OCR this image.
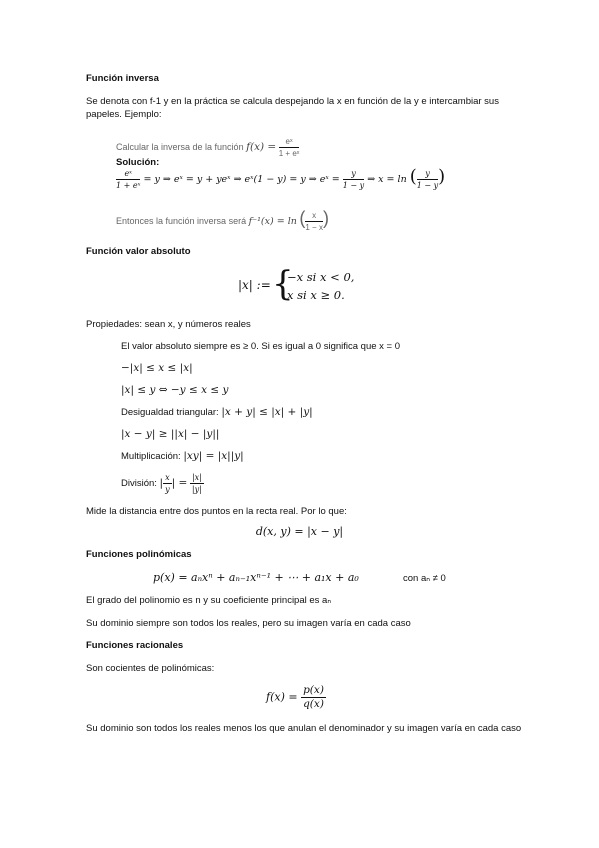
Función inversa
Se denota con f-1 y en la práctica se calcula despejando la x en función de la y e intercambiar sus papeles. Ejemplo:
Calcular la inversa de la función $f(x) = \frac{\text{eˣ}}{\text{1 + eˣ}}$
Solución:
$\frac{\text{eˣ}}{\text{1 + eˣ}} = y$ ⇒ eˣ = y + yeˣ ⇒ eˣ(1 − y) = y ⇒ eˣ = $\frac{y}{1 - y}$ ⇒ x = ln ( $\frac{y}{1 - y}$ )
Entonces la función inversa será f⁻¹(x) = ln ( $\frac{x}{1 - x}$ )
Función valor absoluto
|x| := {
−x si x < 0,
x si x ≥ 0.
Propiedades: sean x, y números reales
El valor absoluto siempre es ≥ 0. Si es igual a 0 significa que x = 0
−|x| ≤ x ≤ |x|
|x| ≤ y ⇔ −y ≤ x ≤ y
Desigualdad triangular: |x + y| ≤ |x| + |y|
|x − y| ≥ ||x| − |y||
Multiplicación: |xy| = |x||y|
División: | $\frac{x}{y}$ | = $\frac{|x|}{|y|}$
Mide la distancia entre dos puntos en la recta real. Por lo que:
d(x, y) = |x − y|
Funciones polinómicas
p(x) = aₙxⁿ + aₙ₋₁xⁿ⁻¹ + ⋯ + a₁x + a₀	con aₙ ≠ 0
El grado del polinomio es n y su coeficiente principal es aₙ
Su dominio siempre son todos los reales, pero su imagen varía en cada caso
Funciones racionales
Son cocientes de polinómicas:
$f(x) = \frac{p(x)}{q(x)}$
Su dominio son todos los reales menos los que anulan el denominador y su imagen varía en cada caso
